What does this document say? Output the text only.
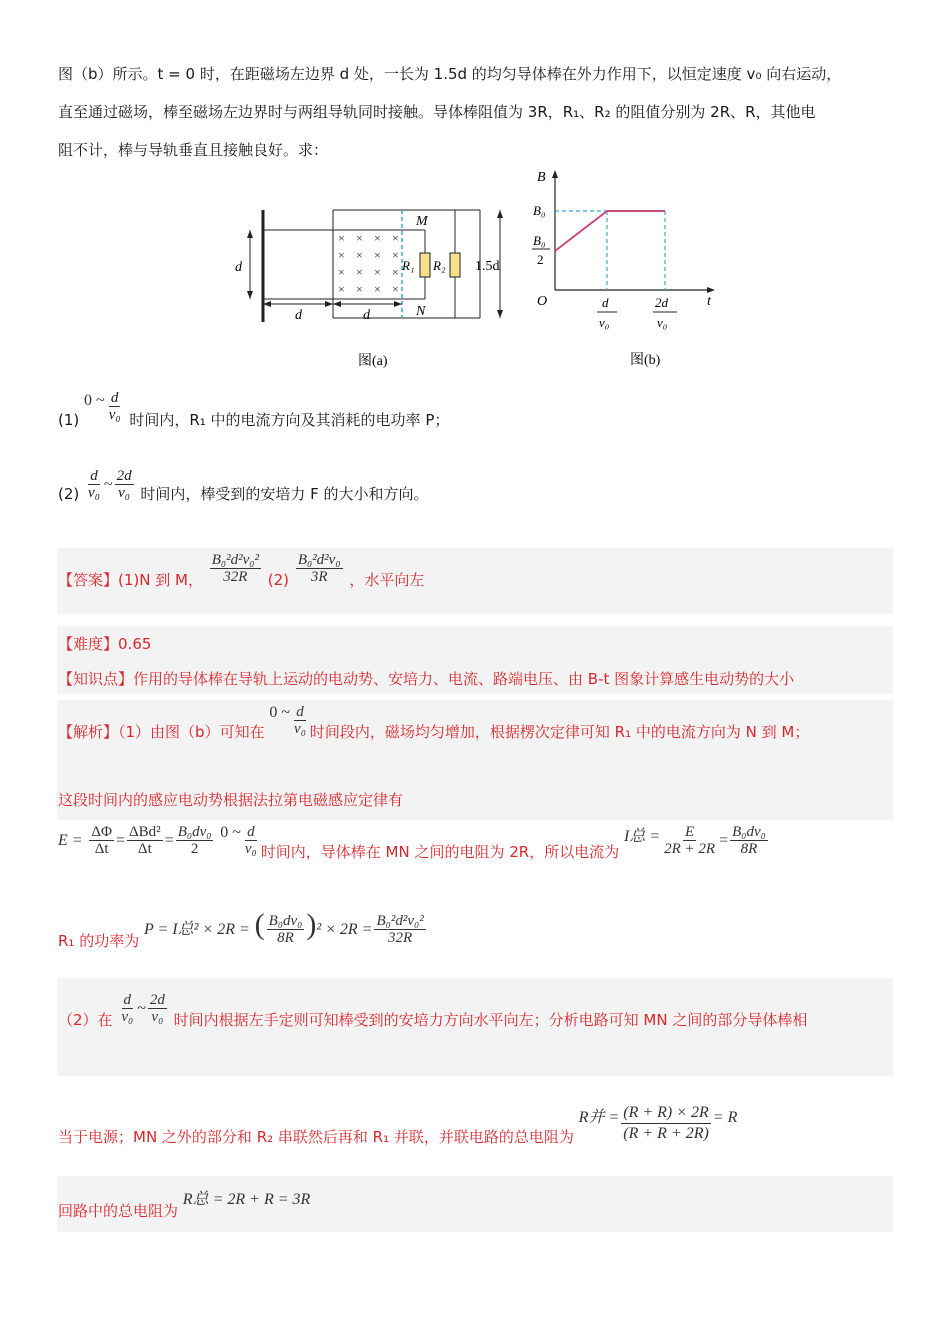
图（b）所示。t = 0 时，在距磁场左边界 d 处，一长为 1.5d 的均匀导体棒在外力作用下，以恒定速度 v₀ 向右运动，
直至通过磁场，棒至磁场左边界时与两组导轨同时接触。导体棒阻值为 3R，R₁、R₂ 的阻值分别为 2R、R，其他电
阻不计，棒与导轨垂直且接触良好。求：
× × × ×
× × × ×
× × × ×
× × × ×
d
d	d
M
N
R₁ R₂ 1.5d
图(a)
B
t
O
B₀
B₀
2
d
v₀
2d
v₀
图(b)
(1) 0 ~ $\frac{d}{\text{v₀}}$ 时间内，R₁ 中的电流方向及其消耗的电功率 P；
$(2) \frac{d}{\text{v₀}}$ ~ $\frac{2d}{\text{v₀}}$ 时间内，棒受到的安培力 F 的大小和方向。
【答案】(1)N 到 M， $\frac{\text{B₀²d²v₀²}}{32R} (2) \frac{\text{B₀²d²v₀}}{3R}$ ，水平向左
【难度】0.65
【知识点】作用的导体棒在导轨上运动的电动势、安培力、电流、路端电压、由 B-t 图象计算感生电动势的大小
【解析】（1）由图（b）可知在 0 ~ $\frac{d}{\text{v₀}}$ 时间段内，磁场均匀增加，根据楞次定律可知 R₁ 中的电流方向为 N 到 M；
这段时间内的感应电动势根据法拉第电磁感应定律有
$E = \frac{\Delta\Phi}{\Delta t} = \frac{\text{ΔBd²}}{\Delta t} = \frac{\text{B₀dv₀}}{2} 0$ ~ $\frac{d}{\text{v₀}}$ 时间内，导体棒在 MN 之间的电阻为 2R，所以电流为 I总 = $\frac{E}{2R + 2R} = \frac{\text{B₀dv₀}}{8R}$
R₁ 的功率为 P = I总² × 2R = ( $\frac{\text{B₀dv₀}}{8R} )^2 \times 2R = \frac{\text{B₀²d²v₀²}}{32R}$
（2）在 $\frac{d}{\text{v₀}}$ ~ $\frac{2d}{\text{v₀}}$ 时间内根据左手定则可知棒受到的安培力方向水平向左；分析电路可知 MN 之间的部分导体棒相
当于电源；MN 之外的部分和 R₂ 串联然后再和 R₁ 并联，并联电路的总电阻为 R并 = $\frac{(R + R) \times 2R}{(R + R + 2R)} = R$
回路中的总电阻为 R总 = 2R + R = 3R
